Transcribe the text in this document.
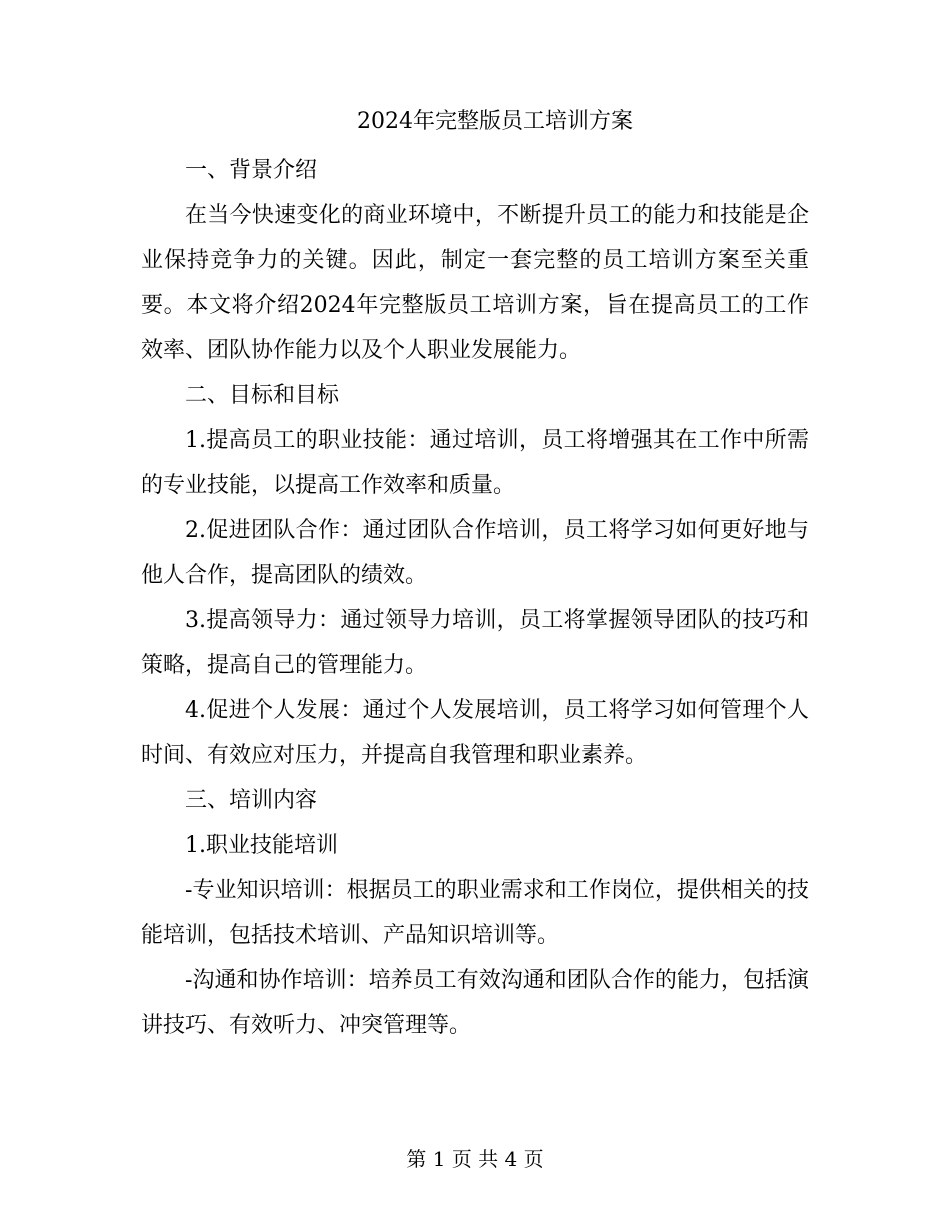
2024年完整版员工培训方案

一、背景介绍

在当今快速变化的商业环境中，不断提升员工的能力和技能是企业保持竞争力的关键。因此，制定一套完整的员工培训方案至关重要。本文将介绍2024年完整版员工培训方案，旨在提高员工的工作效率、团队协作能力以及个人职业发展能力。

二、目标和目标

1.提高员工的职业技能：通过培训，员工将增强其在工作中所需的专业技能，以提高工作效率和质量。

2.促进团队合作：通过团队合作培训，员工将学习如何更好地与他人合作，提高团队的绩效。

3.提高领导力：通过领导力培训，员工将掌握领导团队的技巧和策略，提高自己的管理能力。

4.促进个人发展：通过个人发展培训，员工将学习如何管理个人时间、有效应对压力，并提高自我管理和职业素养。

三、培训内容

1.职业技能培训

-专业知识培训：根据员工的职业需求和工作岗位，提供相关的技能培训，包括技术培训、产品知识培训等。

-沟通和协作培训：培养员工有效沟通和团队合作的能力，包括演讲技巧、有效听力、冲突管理等。

第 1 页 共 4 页
